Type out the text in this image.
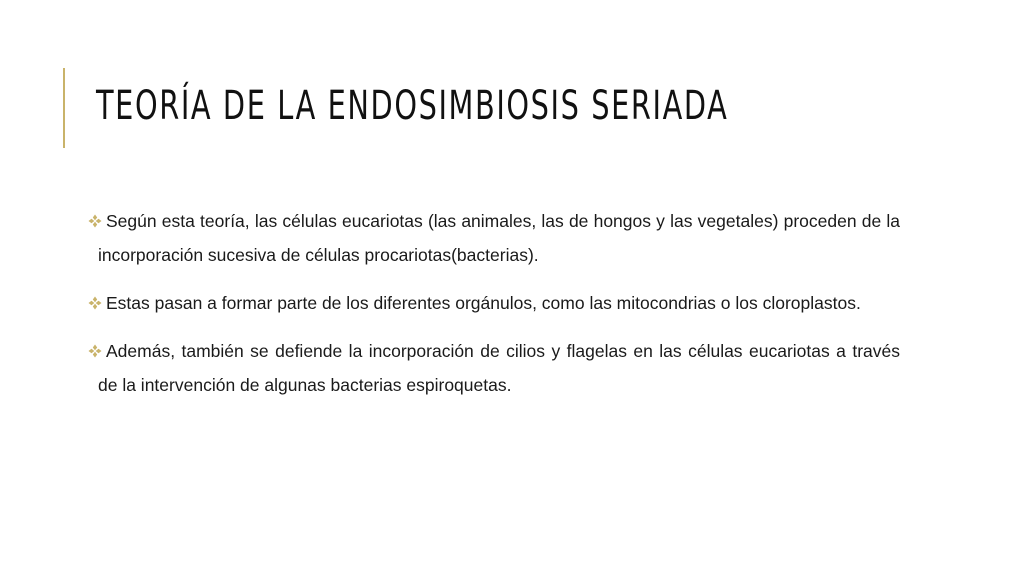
TEORÍA DE LA ENDOSIMBIOSIS SERIADA

Según esta teoría, las células eucariotas (las animales, las de hongos y las vegetales) proceden de la incorporación sucesiva de células procariotas(bacterias).

Estas pasan a formar parte de los diferentes orgánulos, como las mitocondrias o los cloroplastos.

Además, también se defiende la incorporación de cilios y flagelas en las células eucariotas a través de la intervención de algunas bacterias espiroquetas.
